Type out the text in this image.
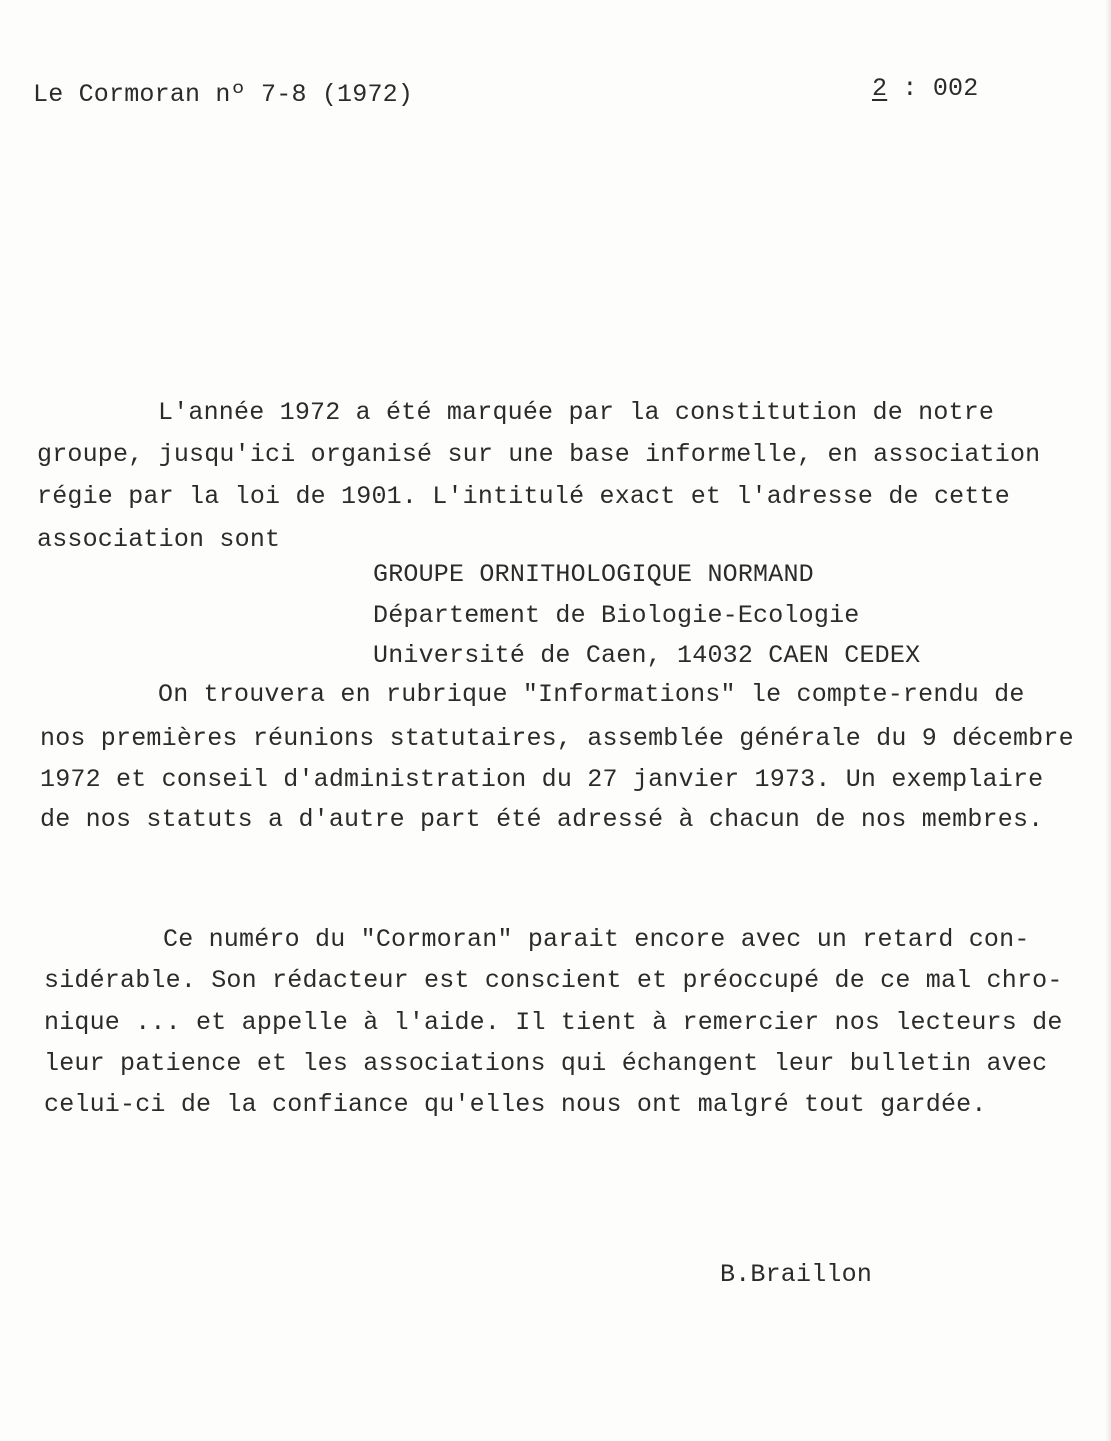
Le Cormoran nº 7-8 (1972)	2 : 002

L'année 1972 a été marquée par la constitution de notre

groupe, jusqu'ici organisé sur une base informelle, en association

régie par la loi de 1901. L'intitulé exact et l'adresse de cette

association sont

GROUPE ORNITHOLOGIQUE NORMAND

Département de Biologie-Ecologie

Université de Caen, 14032 CAEN CEDEX

On trouvera en rubrique "Informations" le compte-rendu de

nos premières réunions statutaires, assemblée générale du 9 décembre

1972 et conseil d'administration du 27 janvier 1973. Un exemplaire

de nos statuts a d'autre part été adressé à chacun de nos membres.

Ce numéro du "Cormoran" parait encore avec un retard con-

sidérable. Son rédacteur est conscient et préoccupé de ce mal chro-

nique ... et appelle à l'aide. Il tient à remercier nos lecteurs de

leur patience et les associations qui échangent leur bulletin avec

celui-ci de la confiance qu'elles nous ont malgré tout gardée.

B.Braillon
